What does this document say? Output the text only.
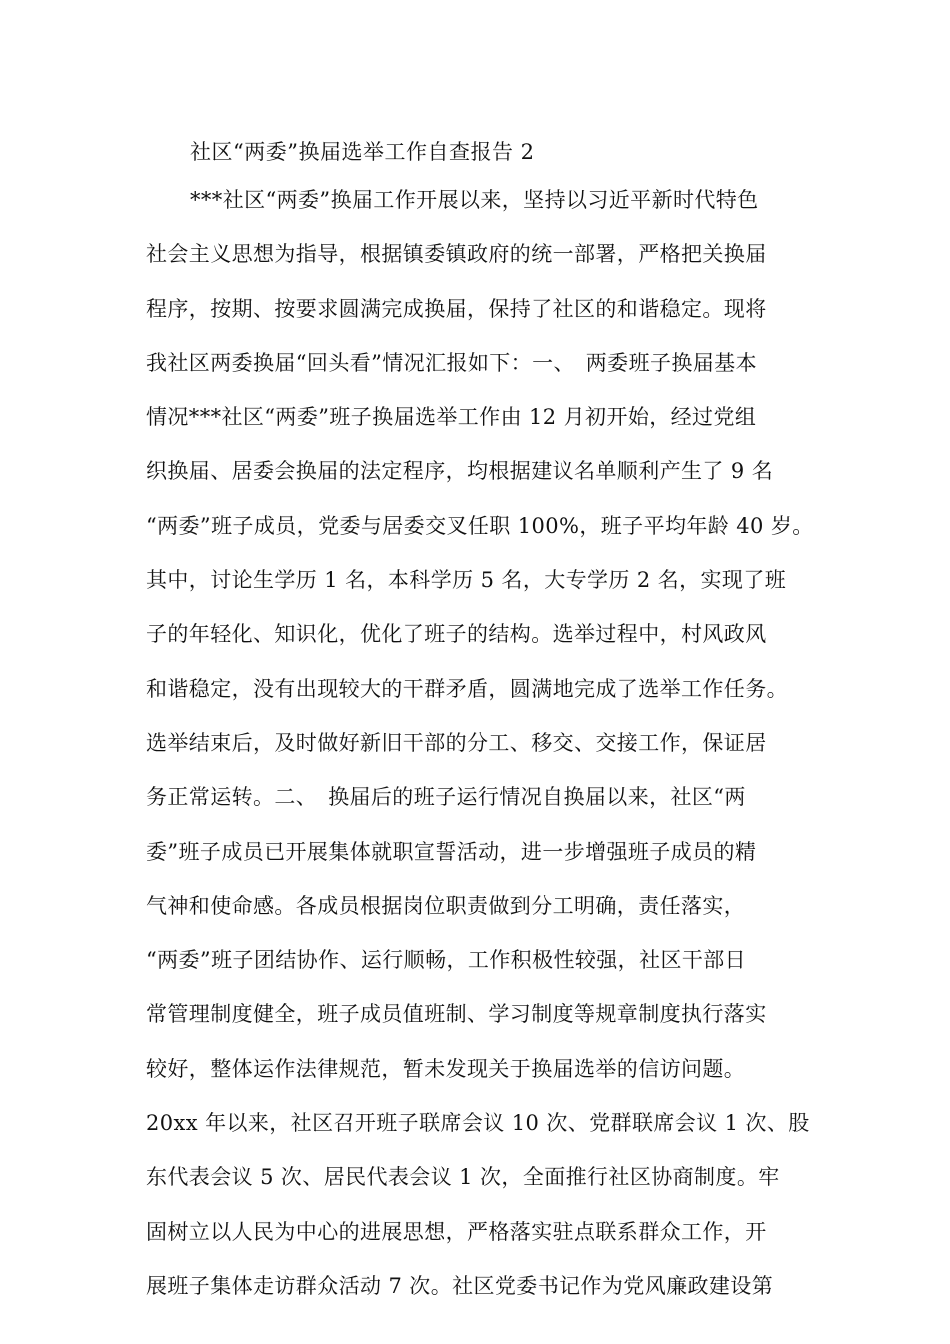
社区“两委”换届选举工作自查报告 2
***社区“两委”换届工作开展以来，坚持以习近平新时代特色
社会主义思想为指导，根据镇委镇政府的统一部署，严格把关换届
程序，按期、按要求圆满完成换届，保持了社区的和谐稳定。现将
我社区两委换届“回头看”情况汇报如下：一、　两委班子换届基本
情况***社区“两委”班子换届选举工作由 12 月初开始，经过党组
织换届、居委会换届的法定程序，均根据建议名单顺利产生了 9 名
“两委”班子成员，党委与居委交叉任职 100%，班子平均年龄 40 岁。
其中，讨论生学历 1 名，本科学历 5 名，大专学历 2 名，实现了班
子的年轻化、知识化，优化了班子的结构。选举过程中，村风政风
和谐稳定，没有出现较大的干群矛盾，圆满地完成了选举工作任务。
选举结束后，及时做好新旧干部的分工、移交、交接工作，保证居
务正常运转。二、　换届后的班子运行情况自换届以来，社区“两
委”班子成员已开展集体就职宣誓活动，进一步增强班子成员的精
气神和使命感。各成员根据岗位职责做到分工明确，责任落实，
“两委”班子团结协作、运行顺畅，工作积极性较强，社区干部日
常管理制度健全，班子成员值班制、学习制度等规章制度执行落实
较好，整体运作法律规范，暂未发现关于换届选举的信访问题。
20xx 年以来，社区召开班子联席会议 10 次、党群联席会议 1 次、股
东代表会议 5 次、居民代表会议 1 次，全面推行社区协商制度。牢
固树立以人民为中心的进展思想，严格落实驻点联系群众工作，开
展班子集体走访群众活动 7 次。社区党委书记作为党风廉政建设第
